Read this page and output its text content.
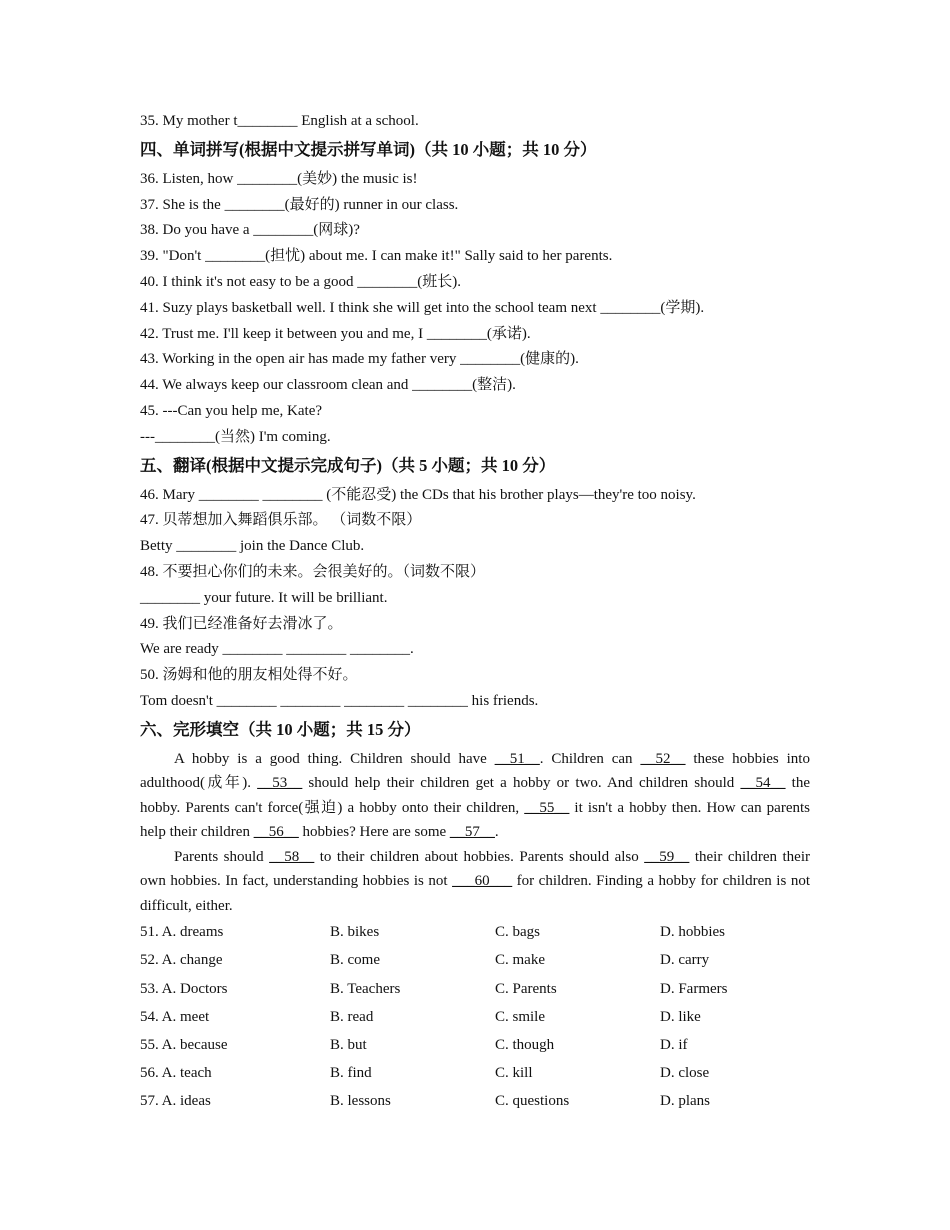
35. My mother t________ English at a school.
四、单词拼写(根据中文提示拼写单词)（共 10 小题；共 10 分）
36. Listen, how ________(美妙) the music is!
37. She is the ________(最好的) runner in our class.
38. Do you have a ________(网球)?
39. "Don't ________(担忧) about me. I can make it!" Sally said to her parents.
40. I think it's not easy to be a good ________(班长).
41. Suzy plays basketball well. I think she will get into the school team next ________(学期).
42. Trust me. I'll keep it between you and me, I ________(承诺).
43. Working in the open air has made my father very ________(健康的).
44. We always keep our classroom clean and ________(整洁).
45. ---Can you help me, Kate?
---________(当然) I'm coming.
五、翻译(根据中文提示完成句子)（共 5 小题；共 10 分）
46. Mary ________ ________ (不能忍受) the CDs that his brother plays—they're too noisy.
47. 贝蒂想加入舞蹈俱乐部。 （词数不限）
Betty ________ join the Dance Club.
48. 不要担心你们的未来。会很美好的。（词数不限）
________ your future. It will be brilliant.
49. 我们已经准备好去滑冰了。
We are ready ________ ________ ________.
50. 汤姆和他的朋友相处得不好。
Tom doesn't ________ ________ ________ ________ his friends.
六、完形填空（共 10 小题；共 15 分）
A hobby is a good thing. Children should have __51__. Children can __52__ these hobbies into adulthood(成年). __53__ should help their children get a hobby or two. And children should __54__ the hobby. Parents can't force(强迫) a hobby onto their children, __55__ it isn't a hobby then. How can parents help their children __56__ hobbies? Here are some __57__.
Parents should __58__ to their children about hobbies. Parents should also __59__ their children their own hobbies. In fact, understanding hobbies is not ___60___ for children. Finding a hobby for children is not difficult, either.
51. A. dreams	B. bikes	C. bags	D. hobbies
52. A. change	B. come	C. make	D. carry
53. A. Doctors	B. Teachers	C. Parents	D. Farmers
54. A. meet	B. read	C. smile	D. like
55. A. because	B. but	C. though	D. if
56. A. teach	B. find	C. kill	D. close
57. A. ideas	B. lessons	C. questions	D. plans
